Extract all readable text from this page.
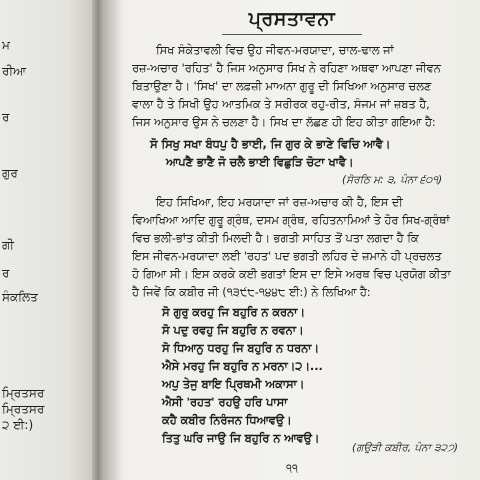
ਮ
ਰੀਆ
ਰ
ਗੁਰ
ਗੀ
ਰ
ਸੰਕਲਿਤ
ਮ੍ਰਿਤਸਰ
ਮ੍ਰਿਤਸਰ
੨ ਈ:)
ਪ੍ਰਸਤਾਵਨਾ
ਸਿਖ ਸੰਕੇਤਾਵਲੀ ਵਿਚ ਉਹ ਜੀਵਨ-ਮਰਯਾਦਾ, ਚਾਲ-ਢਾਲ ਜਾਂ
ਰਜ਼-ਅਚਾਰ 'ਰਹਿਤ' ਹੈ ਜਿਸ ਅਨੁਸਾਰ ਸਿਖ ਨੇ ਰਹਿਣਾ ਅਥਵਾ ਆਪਣਾ ਜੀਵਨ
ਬਿਤਾਉਣਾ ਹੈ। 'ਸਿਖ' ਦਾ ਲਫ਼ਜ਼ੀ ਮਾਅਨਾ ਗੁਰੂ ਦੀ ਸਿਖਿਆ ਅਨੁਸਾਰ ਚਲਣ
ਵਾਲਾ ਹੈ ਤੇ ਸਿਖੀ ਉਹ ਆਤਮਿਕ ਤੇ ਸਰੀਰਕ ਰਹੁ-ਰੀਤ, ਸੰਜਮ ਜਾਂ ਜ਼ਬਤ ਹੈ,
ਜਿਸ ਅਨੁਸਾਰ ਉਸ ਨੇ ਚਲਣਾ ਹੈ। ਸਿਖ ਦਾ ਲੱਛਣ ਹੀ ਇਹ ਕੀਤਾ ਗਇਆ ਹੈ:
ਸੋ ਸਿਖੁ ਸਖਾ ਬੰਧਪੁ ਹੈ ਭਾਈ, ਜਿ ਗੁਰ ਕੇ ਭਾਣੇ ਵਿਚਿ ਆਵੈ।
ਆਪਣੈ ਭਾਣੈ ਜੋ ਚਲੈ ਭਾਈ ਵਿਛੁੜਿ ਚੋਟਾ ਖਾਵੈ।
(ਸੋਰਠਿ ਮ: ੩, ਪੰਨਾ ੬੦੧)
ਇਹ ਸਿਖਿਆ, ਇਹ ਮਰਯਾਦਾ ਜਾਂ ਰਜ਼-ਅਚਾਰ ਕੀ ਹੈ, ਇਸ ਦੀ
ਵਿਆਖਿਆ ਆਦਿ ਗੁਰੂ ਗ੍ਰੰਥ, ਦਸਮ ਗ੍ਰੰਥ, ਰਹਿਤਨਾਮਿਆਂ ਤੇ ਹੋਰ ਸਿਖ-ਗ੍ਰੰਥਾਂ
ਵਿਚ ਭਲੀ-ਭਾਂਤ ਕੀਤੀ ਮਿਲਦੀ ਹੈ। ਭਗਤੀ ਸਾਹਿਤ ਤੋਂ ਪਤਾ ਲਗਦਾ ਹੈ ਕਿ
ਇਸ ਜੀਵਨ-ਮਰਯਾਦਾ ਲਈ 'ਰਹਤ' ਪਦ ਭਗਤੀ ਲਹਿਰ ਦੇ ਜ਼ਮਾਨੇ ਹੀ ਪ੍ਰਚਲਤ
ਹੋ ਗਿਆ ਸੀ। ਇਸ ਕਰਕੇ ਕਈ ਭਗਤਾਂ ਇਸ ਦਾ ਇਸੇ ਅਰਥ ਵਿਚ ਪ੍ਰਯੋਗ ਕੀਤਾ
ਹੈ ਜਿਵੇਂ ਕਿ ਕਬੀਰ ਜੀ (੧੩੯੮-੧੪੪੮ ਈ:) ਨੇ ਲਿਖਿਆ ਹੈ:
ਸੋ ਗੁਰੁ ਕਰਹੁ ਜਿ ਬਹੁਰਿ ਨ ਕਰਨਾ।
ਸੋ ਪਦੁ ਰਵਹੁ ਜਿ ਬਹੁਰਿ ਨ ਰਵਨਾ।
ਸੋ ਧਿਆਨੁ ਧਰਹੁ ਜਿ ਬਹੁਰਿ ਨ ਧਰਨਾ।
ਐਸੇ ਮਰਹੁ ਜਿ ਬਹੁਰਿ ਨ ਮਰਨਾ।੨।...
ਅਪੁ ਤੇਜੁ ਬਾਇ ਪ੍ਰਿਥਮੀ ਅਕਾਸਾ।
ਐਸੀ 'ਰਹਤ' ਰਹਉ ਹਰਿ ਪਾਸਾ
ਕਹੈ ਕਬੀਰ ਨਿਰੰਜਨ ਧਿਆਵਉ।
ਤਿਤੁ ਘਰਿ ਜਾਉ ਜਿ ਬਹੁਰਿ ਨ ਆਵਉ।
(ਗਉੜੀ ਕਬੀਰ, ਪੰਨਾ ੩੨੭)
੧੧
